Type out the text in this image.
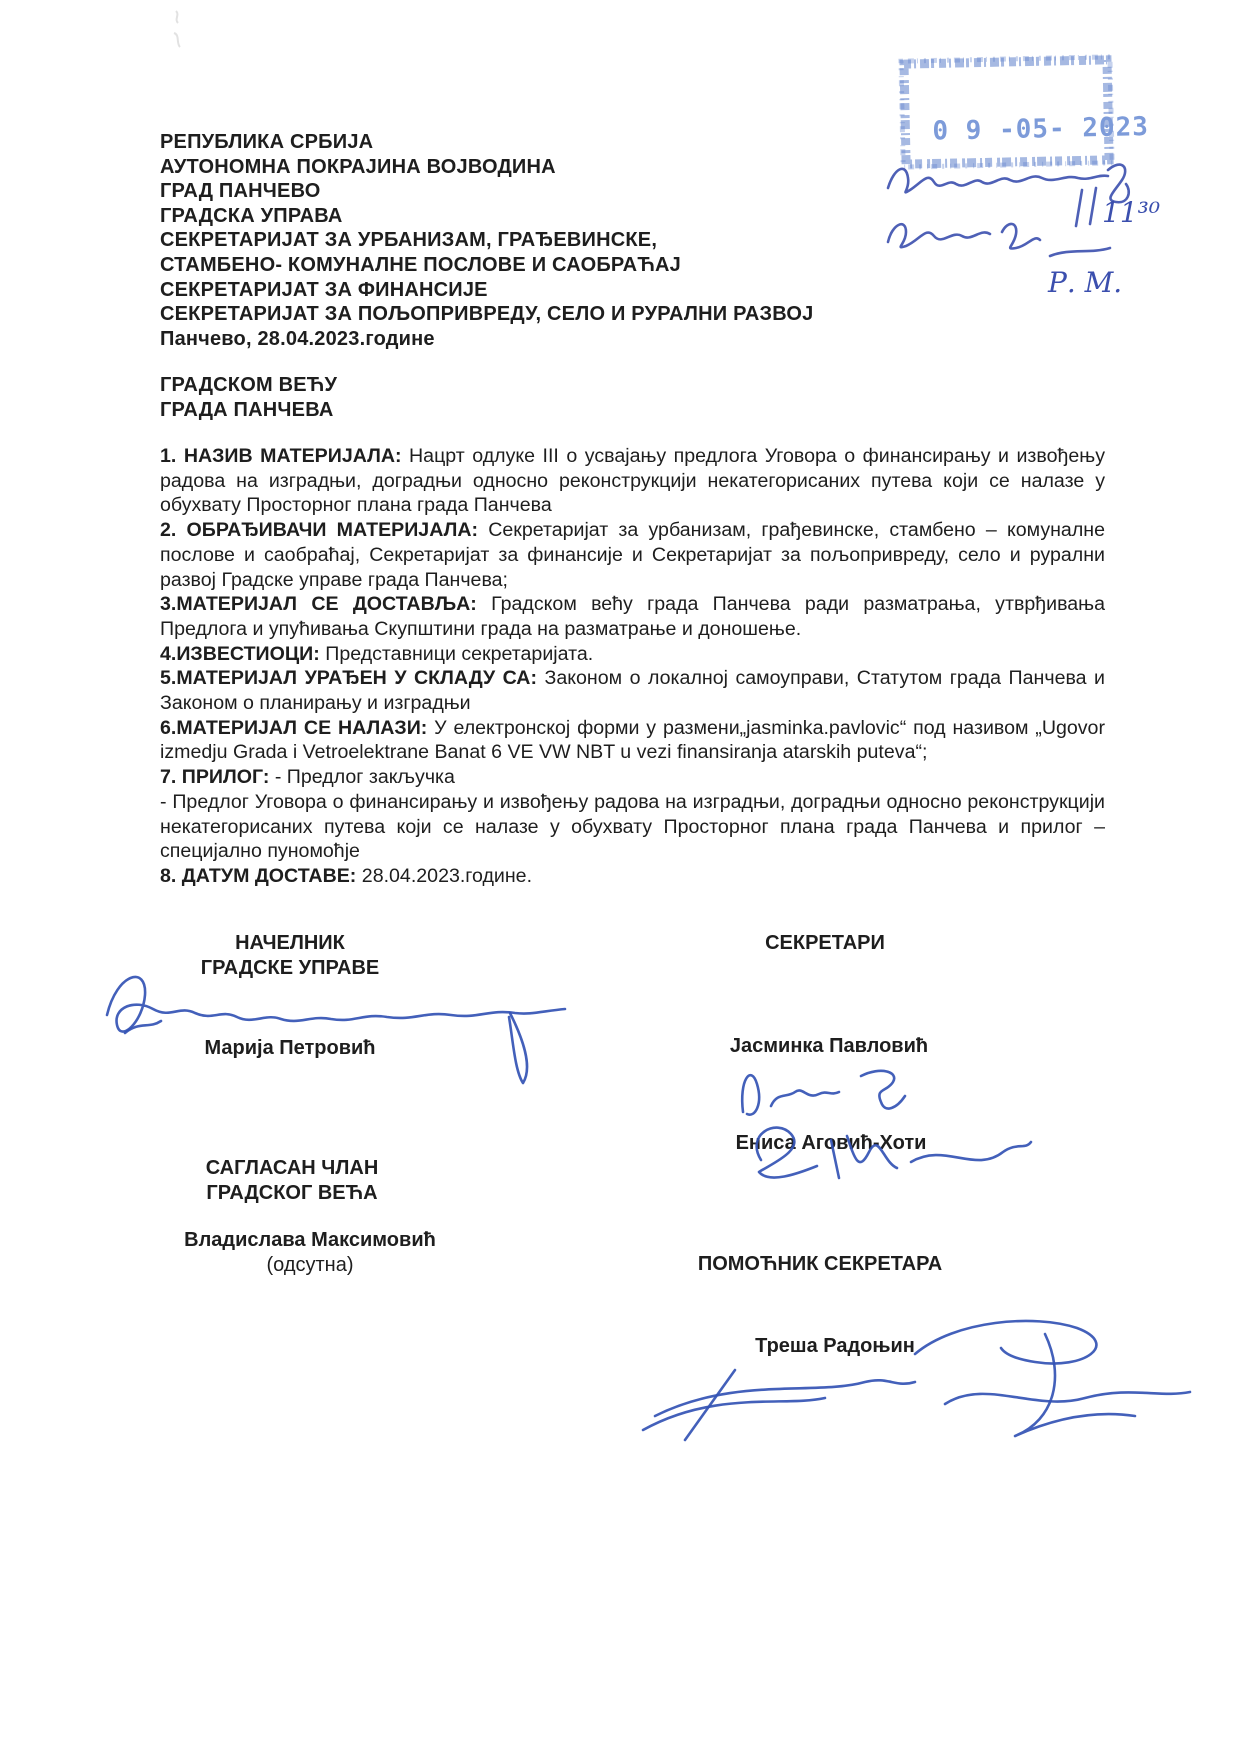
РЕПУБЛИКА СРБИЈА
АУТОНОМНА ПОКРАЈИНА ВОЈВОДИНА
ГРАД ПАНЧЕВО
ГРАДСКА УПРАВА
СЕКРЕТАРИЈАТ ЗА УРБАНИЗАМ, ГРАЂЕВИНСКЕ,
СТАМБЕНО- КОМУНАЛНЕ ПОСЛОВЕ И САОБРАЋАЈ
СЕКРЕТАРИЈАТ ЗА ФИНАНСИЈЕ
СЕКРЕТАРИЈАТ ЗА ПОЉОПРИВРЕДУ, СЕЛО И РУРАЛНИ РАЗВОЈ
Панчево, 28.04.2023.године
ГРАДСКОМ ВЕЋУ
ГРАДА ПАНЧЕВА

1. НАЗИВ МАТЕРИЈАЛА: Нацрт одлуке III о усвајању предлога Уговора о финансирању и извођењу радова на изградњи, доградњи односно реконструкцији некатегорисаних путева који се налазе у обухвату Просторног плана града Панчева

2. ОБРАЂИВАЧИ МАТЕРИЈАЛА: Секретаријат за урбанизам, грађевинске, стамбено – комуналне послове и саобраћај, Секретаријат за финансије и Секретаријат за пољопривреду, село и рурални развој Градске управе града Панчева;

3.МАТЕРИЈАЛ СЕ ДОСТАВЉА: Градском већу града Панчева ради разматрања, утврђивања Предлога и упућивања Скупштини града на разматрање и доношење.

4.ИЗВЕСТИОЦИ: Представници секретаријата.

5.МАТЕРИЈАЛ УРАЂЕН У СКЛАДУ СА: Законом о локалној самоуправи, Статутом града Панчева и Законом о планирању и изградњи

6.МАТЕРИЈАЛ СЕ НАЛАЗИ: У електронској форми у размени„jasminka.pavlovic“ под називом „Ugovor izmedju Grada i Vetroelektrane Banat 6 VE VW NBT u vezi finansiranja atarskih puteva“;

7. ПРИЛОГ: - Предлог закључка

- Предлог Уговора о финансирању и извођењу радова на изградњи, доградњи односно реконструкцији некатегорисаних путева који се налазе у обухвату Просторног плана града Панчева и прилог – специјално пуномоћје

8. ДАТУМ ДОСТАВЕ: 28.04.2023.године.

0 9 -05- 2023
11³⁰
Р. М.
НАЧЕЛНИК
ГРАДСКЕ УПРАВЕ
Марија Петровић
САГЛАСАН ЧЛАН
ГРАДСКОГ ВЕЋА
Владислава Максимовић
(одсутна)
СЕКРЕТАРИ
Јасминка Павловић
Ениса Аговић-Хоти
ПОМОЋНИК СЕКРЕТАРА
Треша Радоњин
